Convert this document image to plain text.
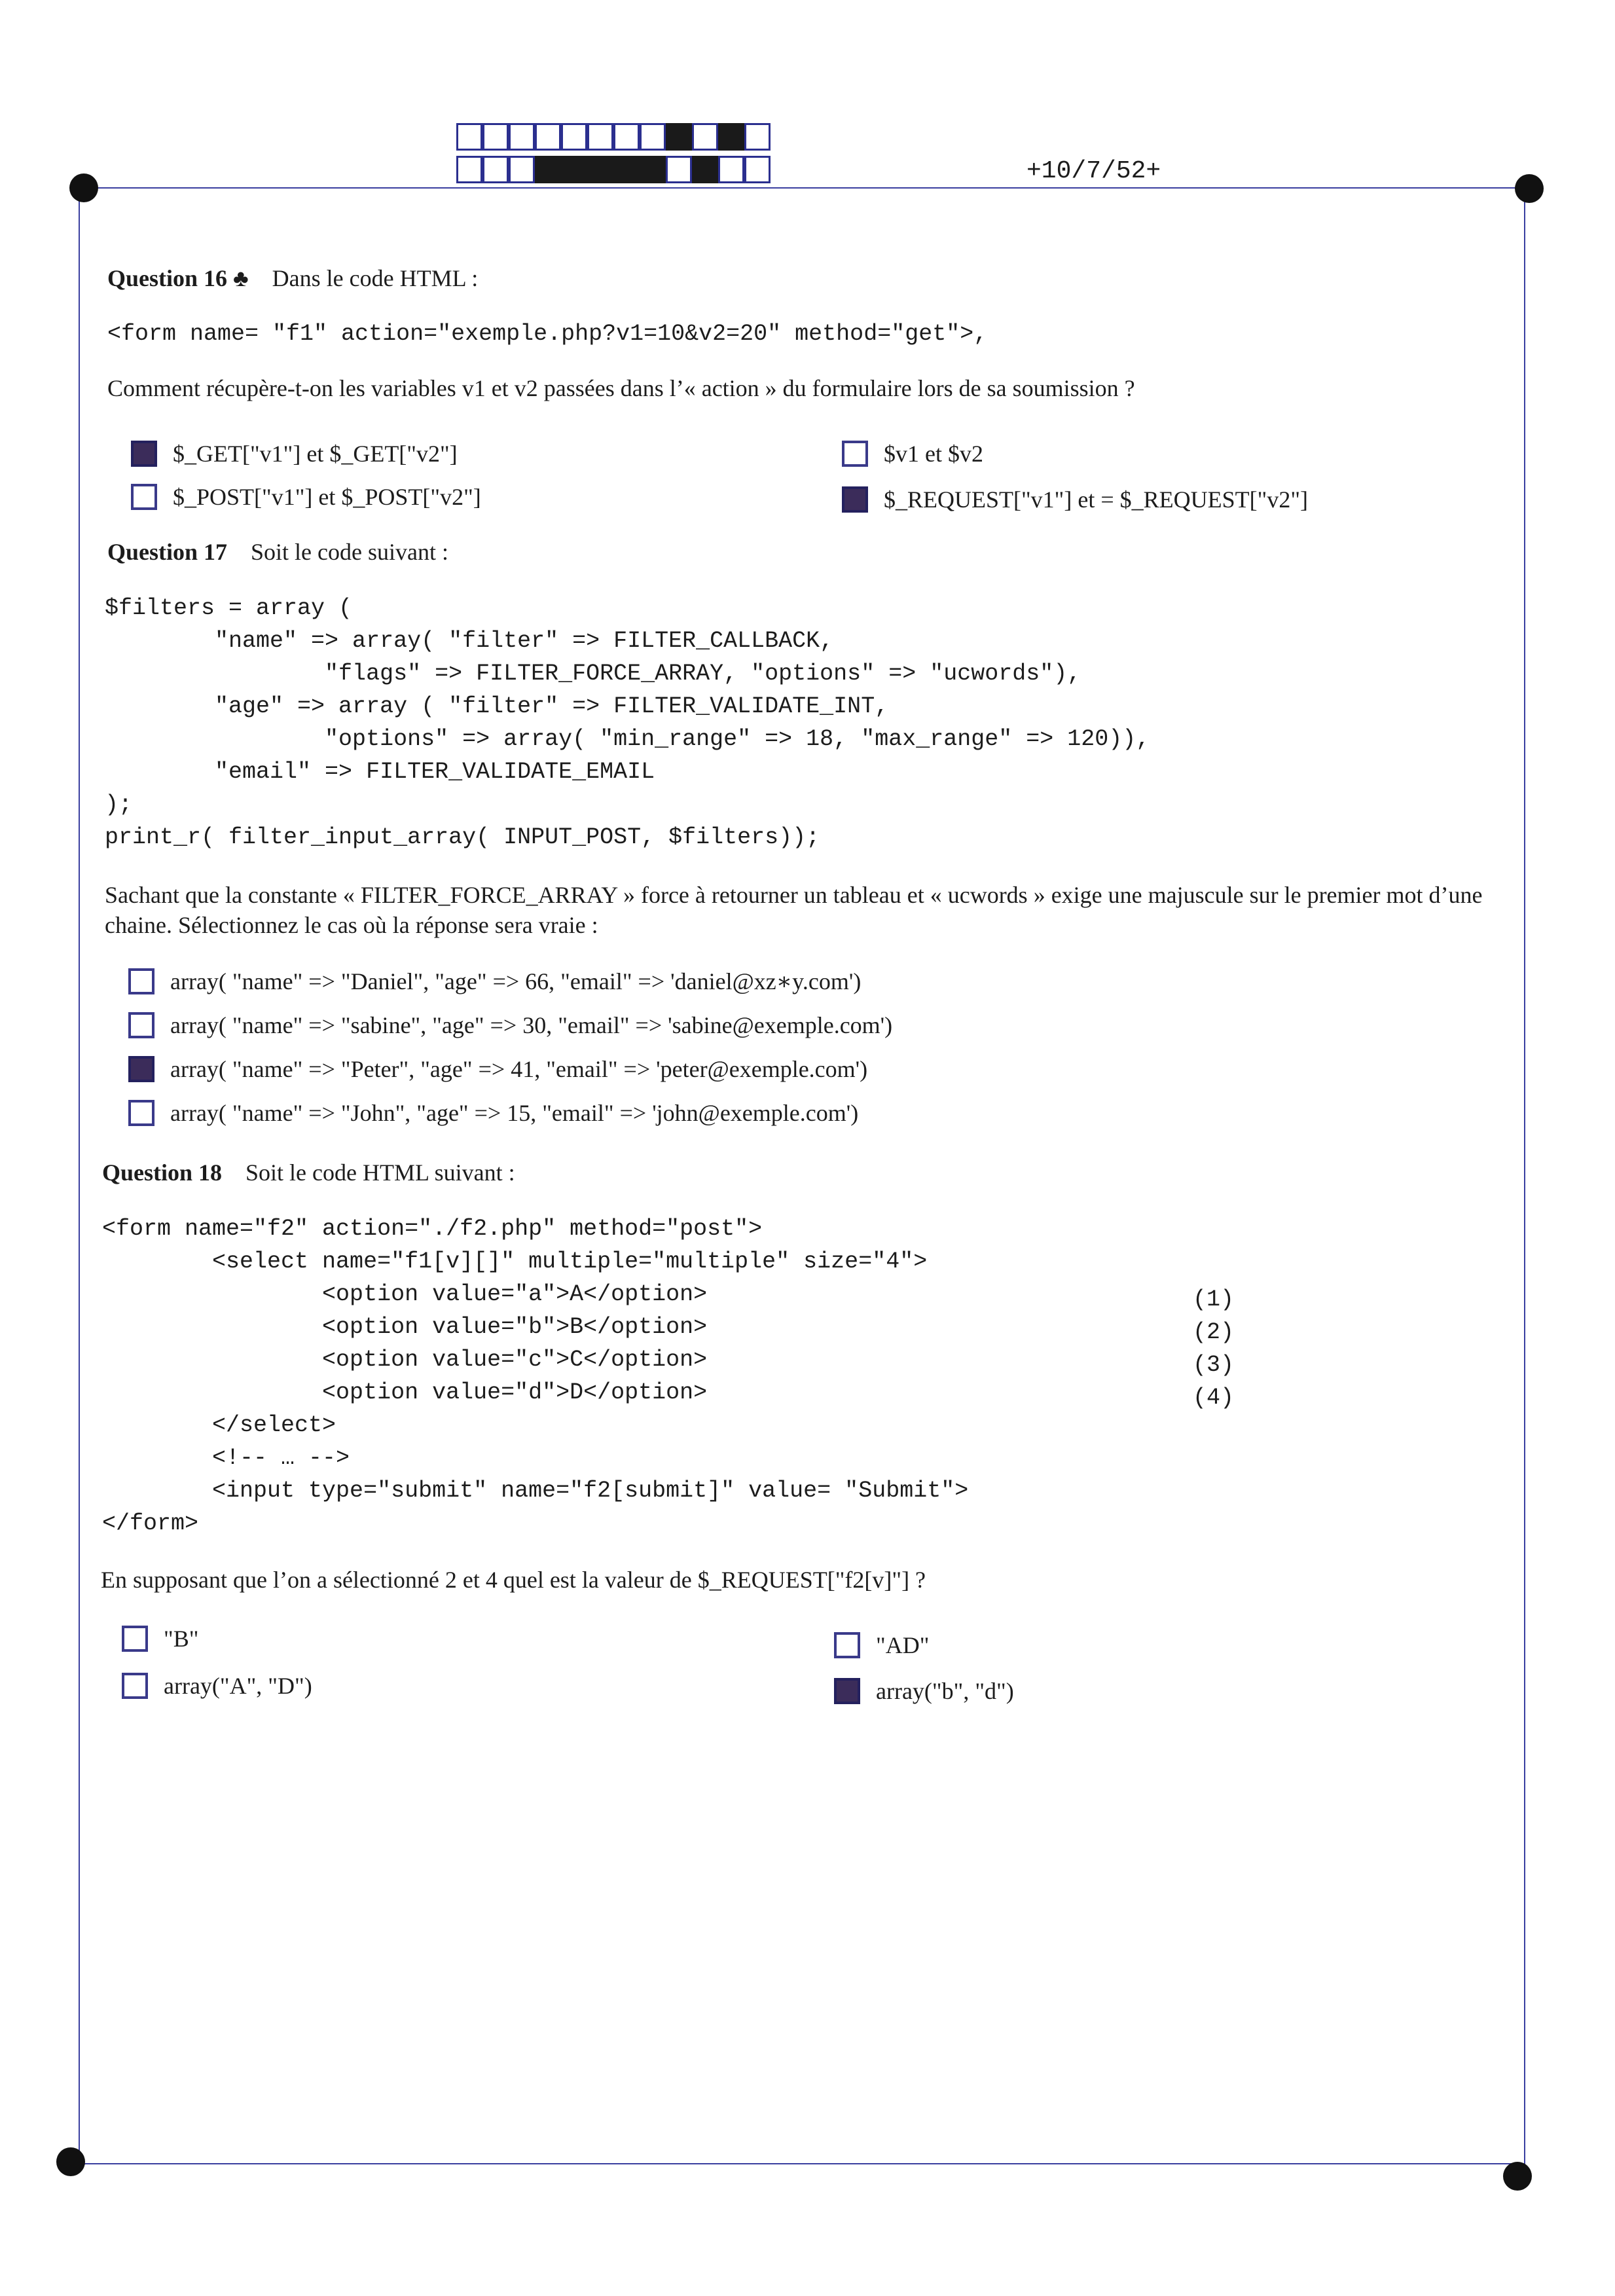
+10/7/52+
Question 16 ♣ Dans le code HTML :
<form name= "f1" action="exemple.php?v1=10&v2=20" method="get">,
Comment récupère-t-on les variables v1 et v2 passées dans l’« action » du formulaire lors de sa soumission ?
$_GET["v1"] et $_GET["v2"]
$_POST["v1"] et $_POST["v2"]
$v1 et $v2
$_REQUEST["v1"] et = $_REQUEST["v2"]
Question 17 Soit le code suivant :
$filters = array (
"name" => array( "filter" => FILTER_CALLBACK,
"flags" => FILTER_FORCE_ARRAY, "options" => "ucwords"),
"age" => array ( "filter" => FILTER_VALIDATE_INT,
"options" => array( "min_range" => 18, "max_range" => 120)),
"email" => FILTER_VALIDATE_EMAIL
);
print_r( filter_input_array( INPUT_POST, $filters));
Sachant que la constante « FILTER_FORCE_ARRAY » force à retourner un tableau et « ucwords » exige une majuscule sur le premier mot d’une chaine. Sélectionnez le cas où la réponse sera vraie :
array( "name" => "Daniel", "age" => 66, "email" => 'daniel@xz∗y.com')
array( "name" => "sabine", "age" => 30, "email" => 'sabine@exemple.com')
array( "name" => "Peter", "age" => 41, "email" => 'peter@exemple.com')
array( "name" => "John", "age" => 15, "email" => 'john@exemple.com')
Question 18 Soit le code HTML suivant :
<form name="f2" action="./f2.php" method="post">
<select name="f1[v][]" multiple="multiple" size="4">
<option value="a">A</option>
<option value="b">B</option>
<option value="c">C</option>
<option value="d">D</option>
</select>
<!-- … -->
<input type="submit" name="f2[submit]" value= "Submit">
</form>
(1)
(2)
(3)
(4)
En supposant que l’on a sélectionné 2 et 4 quel est la valeur de $_REQUEST["f2[v]"] ?
"B"
array("A", "D")
"AD"
array("b", "d")
